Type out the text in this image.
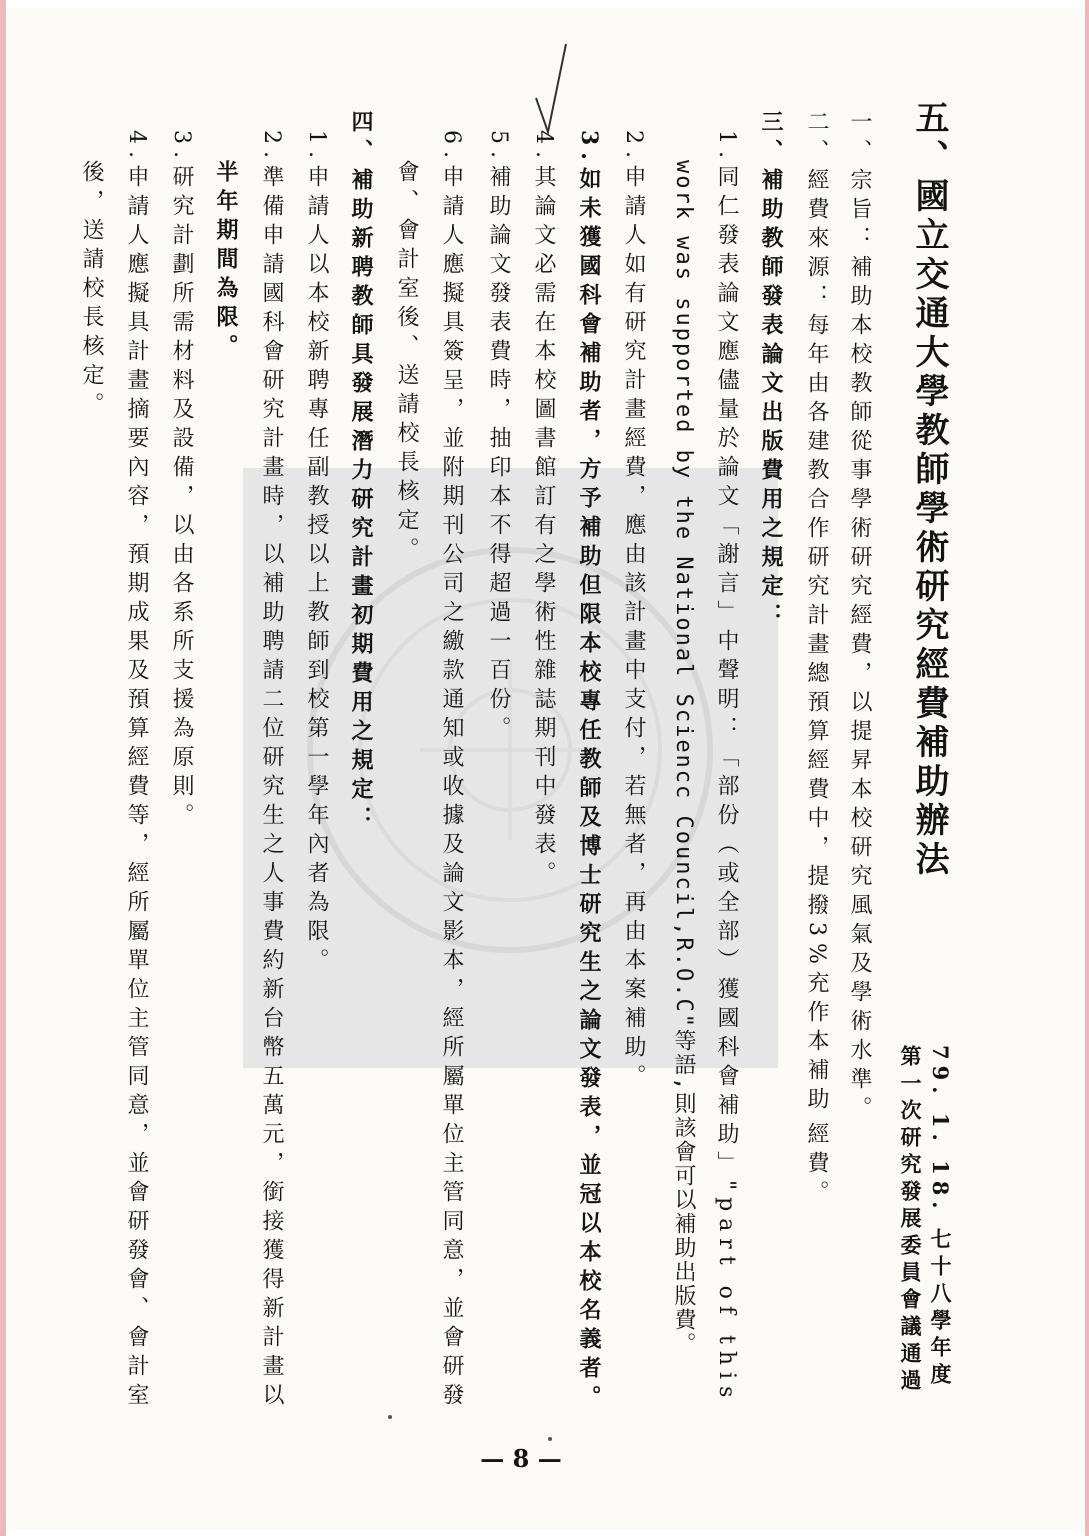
五、國立交通大學教師學術研究經費補助辦法
79. 1. 18. 七十八學年度
第一次研究發展委員會議通過
一、宗旨：補助本校教師從事學術研究經費，以提昇本校研究風氣及學術水準。
二、經費來源：每年由各建教合作研究計畫總預算經費中，提撥3%充作本補助
經費。
三、補助教師發表論文出版費用之規定：
1.同仁發表論文應儘量於論文「謝言」中聲明：「部份（或全部）獲國科會補助」"part of this
work was supported by the National Sciencc Council,R.O.C"等語,則該會可以補助出版費。
2.申請人如有研究計畫經費，應由該計畫中支付，若無者，再由本案補助。
3.如未獲國科會補助者，方予補助但限本校專任教師及博士研究生之論文發表，並冠以本校名義者。
4.其論文必需在本校圖書館訂有之學術性雜誌期刊中發表。
5.補助論文發表費時，抽印本不得超過一百份。
6.申請人應擬具簽呈，並附期刊公司之繳款通知或收據及論文影本，經所屬單位主管同意，並會研發
會、會計室後、送請校長核定。
四、補助新聘教師具發展潛力研究計畫初期費用之規定：
1.申請人以本校新聘專任副教授以上教師到校第一學年內者為限。
2.準備申請國科會研究計畫時，以補助聘請二位研究生之人事費約新台幣五萬元，銜接獲得新計畫以
半年期間為限。
3.研究計劃所需材料及設備，以由各系所支援為原則。
4.申請人應擬具計畫摘要內容，預期成果及預算經費等，經所屬單位主管同意，並會研發會、會計室
後，送請校長核定。
— 8 —
